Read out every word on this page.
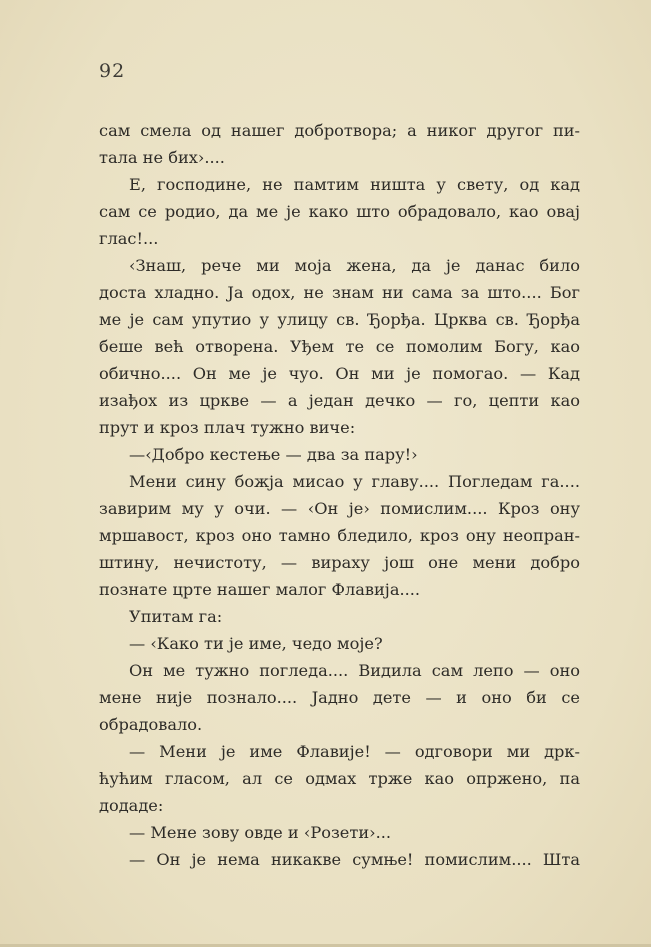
92
сам смела од нашег добротвора; а никог другог пи-
тала не бих›....
Е, господине, не памтим ништа у свету, од кад
сам се родио, да ме је како што обрадовало, као овај
глас!...
‹Знаш, рече ми моја жена, да је данас било
доста хладно. Ја одох, не знам ни сама за што.... Бог
ме је сам упутио у улицу св. Ђорђа. Црква св. Ђорђа
беше већ отворена. Уђем те се помолим Богу, као
обично.... Он ме је чуо. Он ми је помогао. — Кад
изађох из цркве — а један дечко — го, цепти као
прут и кроз плач тужно виче:
—‹Добро кестење — два за пару!›
Мени сину божја мисао у главу.... Погледам га....
завирим му у очи. — ‹Он је› помислим.... Кроз ону
мршавост, кроз оно тамно бледило, кроз ону неопран-
штину, нечистоту, — вираху још оне мени добро
познате црте нашег малог Флавија....
Упитам га:
— ‹Како ти је име, чедо моје?
Он ме тужно погледа.... Видила сам лепо — оно
мене није познало.... Јадно дете — и оно би се
обрадовало.
— Мени је име Флавије! — одговори ми дрк-
ћућим гласом, ал се одмах трже као опржено, па
додаде:
— Мене зову овде и ‹Розети›...
— Он је нема никакве сумње! помислим.... Шта
